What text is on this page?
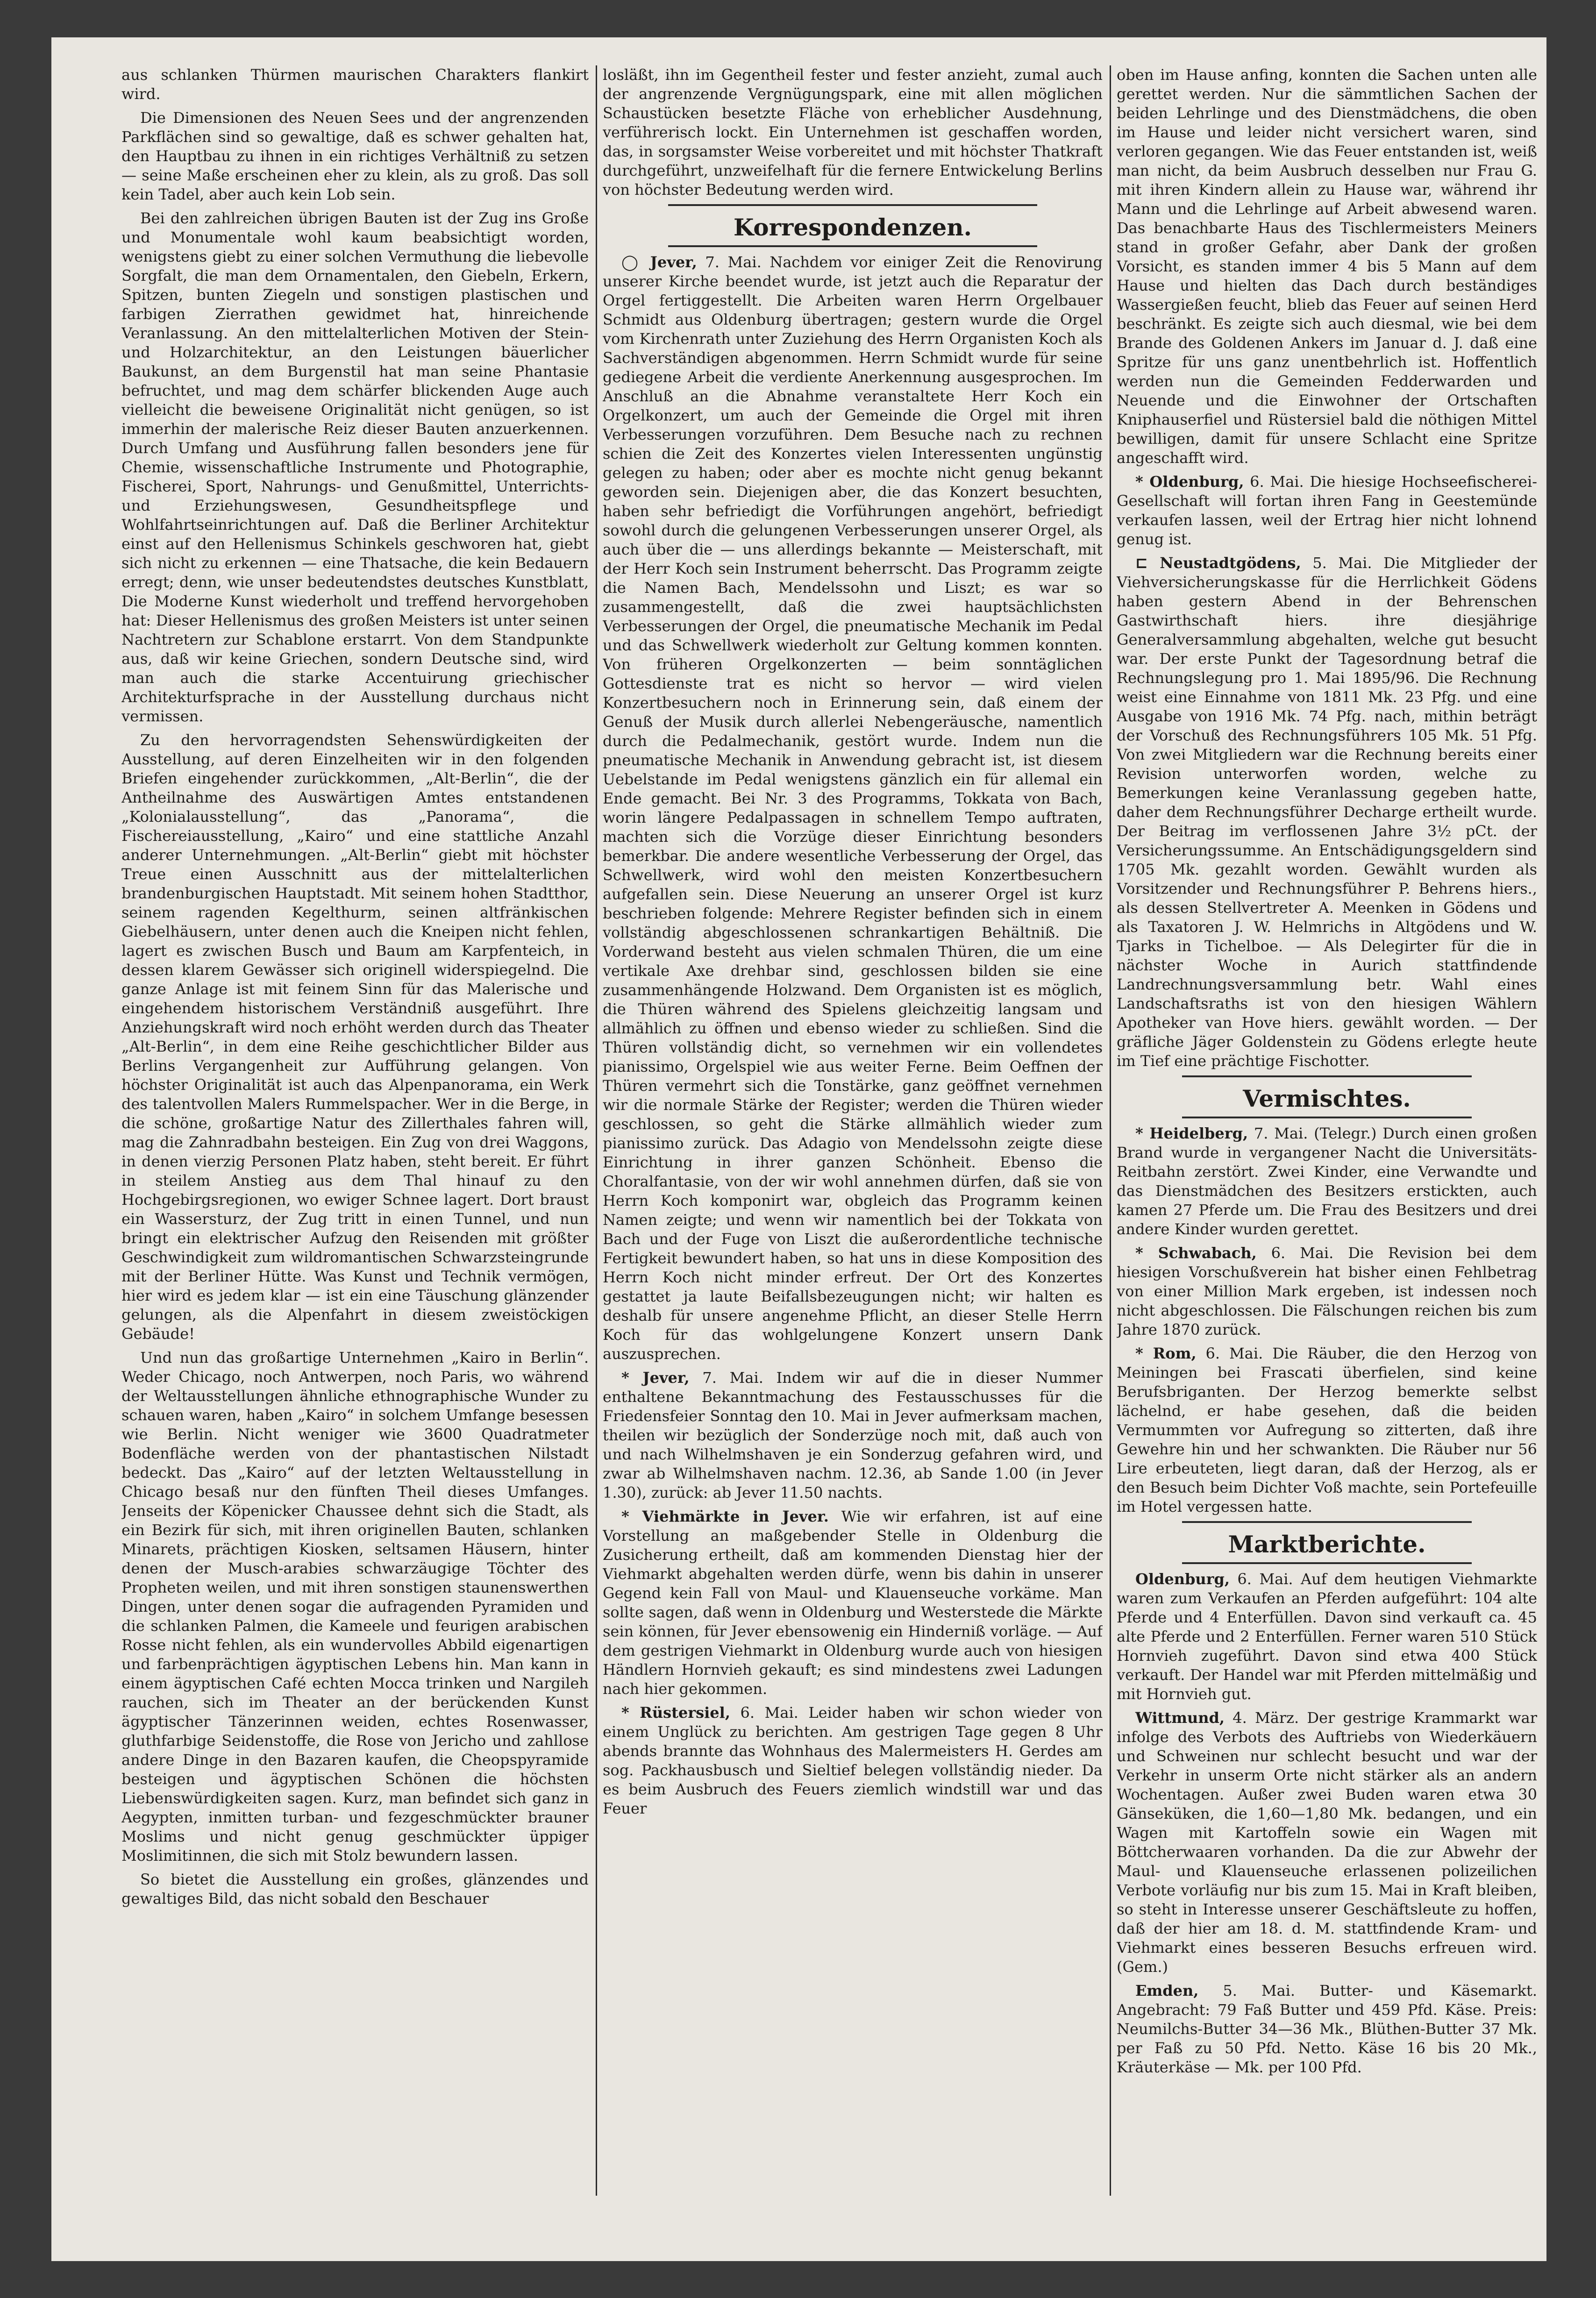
aus schlanken Thürmen maurischen Charakters flankirt wird.

Die Dimensionen des Neuen Sees und der angrenzenden Parkflächen sind so gewaltige, daß es schwer gehalten hat, den Hauptbau zu ihnen in ein richtiges Verhältniß zu setzen — seine Maße erscheinen eher zu klein, als zu groß. Das soll kein Tadel, aber auch kein Lob sein.

Bei den zahlreichen übrigen Bauten ist der Zug ins Große und Monumentale wohl kaum beabsichtigt worden, wenigstens giebt zu einer solchen Vermuthung die liebevolle Sorgfalt, die man dem Ornamentalen, den Giebeln, Erkern, Spitzen, bunten Ziegeln und sonstigen plastischen und farbigen Zierrathen gewidmet hat, hinreichende Veranlassung. An den mittelalterlichen Motiven der Stein- und Holzarchitektur, an den Leistungen bäuerlicher Baukunst, an dem Burgenstil hat man seine Phantasie befruchtet, und mag dem schärfer blickenden Auge auch vielleicht die beweisene Originalität nicht genügen, so ist immerhin der malerische Reiz dieser Bauten anzuerkennen. Durch Umfang und Ausführung fallen besonders jene für Chemie, wissenschaftliche Instrumente und Photographie, Fischerei, Sport, Nahrungs- und Genußmittel, Unterrichts- und Erziehungswesen, Gesundheitspflege und Wohlfahrtseinrichtungen auf. Daß die Berliner Architektur einst auf den Hellenismus Schinkels geschworen hat, giebt sich nicht zu erkennen — eine Thatsache, die kein Bedauern erregt; denn, wie unser bedeutendstes deutsches Kunstblatt, Die Moderne Kunst wiederholt und treffend hervorgehoben hat: Dieser Hellenismus des großen Meisters ist unter seinen Nachtretern zur Schablone erstarrt. Von dem Standpunkte aus, daß wir keine Griechen, sondern Deutsche sind, wird man auch die starke Accentuirung griechischer Architekturfsprache in der Ausstellung durchaus nicht vermissen.

Zu den hervorragendsten Sehenswürdigkeiten der Ausstellung, auf deren Einzelheiten wir in den folgenden Briefen eingehender zurückkommen, „Alt-Berlin“, die der Antheilnahme des Auswärtigen Amtes entstandenen „Kolonialausstellung“, das „Panorama“, die Fischereiausstellung, „Kairo“ und eine stattliche Anzahl anderer Unternehmungen. „Alt-Berlin“ giebt mit höchster Treue einen Ausschnitt aus der mittelalterlichen brandenburgischen Hauptstadt. Mit seinem hohen Stadtthor, seinem ragenden Kegelthurm, seinen altfränkischen Giebelhäusern, unter denen auch die Kneipen nicht fehlen, lagert es zwischen Busch und Baum am Karpfenteich, in dessen klarem Gewässer sich originell widerspiegelnd. Die ganze Anlage ist mit feinem Sinn für das Malerische und eingehendem historischem Verständniß ausgeführt. Ihre Anziehungskraft wird noch erhöht werden durch das Theater „Alt-Berlin“, in dem eine Reihe geschichtlicher Bilder aus Berlins Vergangenheit zur Aufführung gelangen. Von höchster Originalität ist auch das Alpenpanorama, ein Werk des talentvollen Malers Rummelspacher. Wer in die Berge, in die schöne, großartige Natur des Zillerthales fahren will, mag die Zahnradbahn besteigen. Ein Zug von drei Waggons, in denen vierzig Personen Platz haben, steht bereit. Er führt in steilem Anstieg aus dem Thal hinauf zu den Hochgebirgsregionen, wo ewiger Schnee lagert. Dort braust ein Wassersturz, der Zug tritt in einen Tunnel, und nun bringt ein elektrischer Aufzug den Reisenden mit größter Geschwindigkeit zum wildromantischen Schwarzsteingrunde mit der Berliner Hütte. Was Kunst und Technik vermögen, hier wird es jedem klar — ist ein eine Täuschung glänzender gelungen, als die Alpenfahrt in diesem zweistöckigen Gebäude!

Und nun das großartige Unternehmen „Kairo in Berlin“. Weder Chicago, noch Antwerpen, noch Paris, wo während der Weltausstellungen ähnliche ethnographische Wunder zu schauen waren, haben „Kairo“ in solchem Umfange besessen wie Berlin. Nicht weniger wie 3600 Quadratmeter Bodenfläche werden von der phantastischen Nilstadt bedeckt. Das „Kairo“ auf der letzten Weltausstellung in Chicago besaß nur den fünften Theil dieses Umfanges. Jenseits der Köpenicker Chaussee dehnt sich die Stadt, als ein Bezirk für sich, mit ihren originellen Bauten, schlanken Minarets, prächtigen Kiosken, seltsamen Häusern, hinter denen der Musch-arabies schwarzäugige Töchter des Propheten weilen, und mit ihren sonstigen staunenswerthen Dingen, unter denen sogar die aufragenden Pyramiden und die schlanken Palmen, die Kameele und feurigen arabischen Rosse nicht fehlen, als ein wundervolles Abbild eigenartigen und farbenprächtigen ägyptischen Lebens hin. Man kann in einem ägyptischen Café echten Mocca trinken und Nargileh rauchen, sich im Theater an der berückenden Kunst ägyptischer Tänzerinnen weiden, echtes Rosenwasser, gluthfarbige Seidenstoffe, die Rose von Jericho und zahllose andere Dinge in den Bazaren kaufen, die Cheopspyramide besteigen und ägyptischen Schönen die höchsten Liebenswürdigkeiten sagen. Kurz, man befindet sich ganz in Aegypten, inmitten turban- und fezgeschmückter brauner Moslims und nicht genug geschmückter üppiger Moslimitinnen, die sich mit Stolz bewundern lassen.

So bietet die Ausstellung ein großes, glänzendes und gewaltiges Bild, das nicht sobald den Beschauer

losläßt, ihn im Gegentheil fester und fester anzieht, zumal auch der angrenzende Vergnügungspark, eine mit allen möglichen Schaustücken besetzte Fläche von erheblicher Ausdehnung, verführerisch lockt. Ein Unternehmen ist geschaffen worden, das, in sorgsamster Weise vorbereitet und mit höchster Thatkraft durchgeführt, unzweifelhaft für die fernere Entwickelung Berlins von höchster Bedeutung werden wird.

Korrespondenzen.

◯ Jever, 7. Mai. Nachdem vor einiger Zeit die Renovirung unserer Kirche beendet wurde, ist jetzt auch die Reparatur der Orgel fertiggestellt. Die Arbeiten waren Herrn Orgelbauer Schmidt aus Oldenburg übertragen; gestern wurde die Orgel vom Kirchenrath unter Zuziehung des Herrn Organisten Koch als Sachverständigen abgenommen. Herrn Schmidt wurde für seine gediegene Arbeit die verdiente Anerkennung ausgesprochen. Im Anschluß an die Abnahme veranstaltete Herr Koch ein Orgelkonzert, um auch der Gemeinde die Orgel mit ihren Verbesserungen vorzuführen. Dem Besuche nach zu rechnen schien die Zeit des Konzertes vielen Interessenten ungünstig gelegen zu haben; oder aber es mochte nicht genug bekannt geworden sein. Diejenigen aber, die das Konzert besuchten, haben sehr befriedigt die Vorführungen angehört, befriedigt sowohl durch die gelungenen Verbesserungen unserer Orgel, als auch über die — uns allerdings bekannte — Meisterschaft, mit der Herr Koch sein Instrument beherrscht. Das Programm zeigte die Namen Bach, Mendelssohn und Liszt; es war so zusammengestellt, daß die zwei hauptsächlichsten Verbesserungen der Orgel, die pneumatische Mechanik im Pedal und das Schwellwerk wiederholt zur Geltung kommen konnten. Von früheren Orgelkonzerten — beim sonntäglichen Gottesdienste trat es nicht so hervor — wird vielen Konzertbesuchern noch in Erinnerung sein, daß einem der Genuß der Musik durch allerlei Nebengeräusche, namentlich durch die Pedalmechanik, gestört wurde. Indem nun die pneumatische Mechanik in Anwendung gebracht ist, ist diesem Uebelstande im Pedal wenigstens gänzlich ein für allemal ein Ende gemacht. Bei Nr. 3 des Programms, Tokkata von Bach, worin längere Pedalpassagen in schnellem Tempo auftraten, machten sich die Vorzüge dieser Einrichtung besonders bemerkbar. Die andere wesentliche Verbesserung der Orgel, das Schwellwerk, wird wohl den meisten Konzertbesuchern aufgefallen sein. Diese Neuerung an unserer Orgel ist kurz beschrieben folgende: Mehrere Register befinden sich in einem vollständig abgeschlossenen schrankartigen Behältniß. Die Vorderwand besteht aus vielen schmalen Thüren, die um eine vertikale Axe drehbar sind, geschlossen bilden sie eine zusammenhängende Holzwand. Dem Organisten ist es möglich, die Thüren während des Spielens gleichzeitig langsam und allmählich zu öffnen und ebenso wieder zu schließen. Sind die Thüren vollständig dicht, so vernehmen wir ein vollendetes pianissimo, Orgelspiel wie aus weiter Ferne. Beim Oeffnen der Thüren vermehrt sich die Tonstärke, ganz geöffnet vernehmen wir die normale Stärke der Register; werden die Thüren wieder geschlossen, so geht die Stärke allmählich wieder zum pianissimo zurück. Das Adagio von Mendelssohn zeigte diese Einrichtung in ihrer ganzen Schönheit. Ebenso die Choralfantasie, von der wir wohl annehmen dürfen, daß sie von Herrn Koch komponirt war, obgleich das Programm keinen Namen zeigte; und wenn wir namentlich bei der Tokkata von Bach und der Fuge von Liszt die außerordentliche technische Fertigkeit bewundert haben, so hat uns in diese Komposition des Herrn Koch nicht minder erfreut. Der Ort des Konzertes gestattet ja laute Beifallsbezeugungen nicht; wir halten es deshalb für unsere angenehme Pflicht, an dieser Stelle Herrn Koch für das wohlgelungene Konzert unsern Dank auszusprechen.

* Jever, 7. Mai. Indem wir auf die in dieser Nummer enthaltene Bekanntmachung des Festausschusses für die Friedensfeier Sonntag den 10. Mai in Jever aufmerksam machen, theilen wir bezüglich der Sonderzüge noch mit, daß auch von und nach Wilhelmshaven je ein Sonderzug gefahren wird, und zwar ab Wilhelmshaven nachm. 12.36, ab Sande 1.00 (in Jever 1.30), zurück: ab Jever 11.50 nachts.

* Viehmärkte in Jever. Wie wir erfahren, ist auf eine Vorstellung an maßgebender Stelle in Oldenburg die Zusicherung ertheilt, daß am kommenden Dienstag hier der Viehmarkt abgehalten werden dürfe, wenn bis dahin in unserer Gegend kein Fall von Maul- und Klauenseuche vorkäme. Man sollte sagen, daß wenn in Oldenburg und Westerstede die Märkte sein können, für Jever ebensowenig ein Hinderniß vorläge. — Auf dem gestrigen Viehmarkt in Oldenburg wurde auch von hiesigen Händlern Hornvieh gekauft; es sind mindestens zwei Ladungen nach hier gekommen.

* Rüstersiel, 6. Mai. Leider haben wir schon wieder von einem Unglück zu berichten. Am gestrigen Tage gegen 8 Uhr abends brannte das Wohnhaus des Malermeisters H. Gerdes am sog. Packhausbusch und Sieltief belegen vollständig nieder. Da es beim Ausbruch des Feuers ziemlich windstill war und das Feuer

oben im Hause anfing, konnten die Sachen unten alle gerettet werden. Nur die sämmtlichen Sachen der beiden Lehrlinge und des Dienstmädchens, die oben im Hause und leider nicht versichert waren, sind verloren gegangen. Wie das Feuer entstanden ist, weiß man nicht, da beim Ausbruch desselben nur Frau G. mit ihren Kindern allein zu Hause war, während ihr Mann und die Lehrlinge auf Arbeit abwesend waren. Das benachbarte Haus des Tischlermeisters Meiners stand in großer Gefahr, aber Dank der großen Vorsicht, es standen immer 4 bis 5 Mann auf dem Hause und hielten das Dach durch beständiges Wassergießen feucht, blieb das Feuer auf seinen Herd beschränkt. Es zeigte sich auch diesmal, wie bei dem Brande des Goldenen Ankers im Januar d. J. daß eine Spritze für uns ganz unentbehrlich ist. Hoffentlich werden nun die Gemeinden Fedderwarden und Neuende und die Einwohner der Ortschaften Kniphauserfiel und Rüstersiel bald die nöthigen Mittel bewilligen, damit für unsere Schlacht eine Spritze angeschafft wird.

* Oldenburg, 6. Mai. Die hiesige Hochseefischerei-Gesellschaft will fortan ihren Fang in Geestemünde verkaufen lassen, weil der Ertrag hier nicht lohnend genug ist.

⊏ Neustadtgödens, 5. Mai. Die Mitglieder der Viehversicherungskasse für die Herrlichkeit Gödens haben gestern Abend in der Behrenschen Gastwirthschaft hiers. ihre diesjährige Generalversammlung abgehalten, welche gut besucht war. Der erste Punkt der Tagesordnung betraf die Rechnungslegung pro 1. Mai 1895/96. Die Rechnung weist eine Einnahme von 1811 Mk. 23 Pfg. und eine Ausgabe von 1916 Mk. 74 Pfg. nach, mithin beträgt der Vorschuß des Rechnungsführers 105 Mk. 51 Pfg. Von zwei Mitgliedern war die Rechnung bereits einer Revision unterworfen worden, welche zu Bemerkungen keine Veranlassung gegeben hatte, daher dem Rechnungsführer Decharge ertheilt wurde. Der Beitrag im verflossenen Jahre 3½ pCt. der Versicherungssumme. An Entschädigungsgeldern sind 1705 Mk. gezahlt worden. Gewählt wurden als Vorsitzender und Rechnungsführer P. Behrens hiers., als dessen Stellvertreter A. Meenken in Gödens und als Taxatoren J. W. Helmrichs in Altgödens und W. Tjarks in Tichelboe. — Als Delegirter für die in nächster Woche in Aurich stattfindende Landrechnungsversammlung betr. Wahl eines Landschaftsraths ist von den hiesigen Wählern Apotheker van Hove hiers. gewählt worden. — Der gräfliche Jäger Goldenstein zu Gödens erlegte heute im Tief eine prächtige Fischotter.

Vermischtes.

* Heidelberg, 7. Mai. (Telegr.) Durch einen großen Brand wurde in vergangener Nacht die Universitäts-Reitbahn zerstört. Zwei Kinder, eine Verwandte und das Dienstmädchen des Besitzers erstickten, auch kamen 27 Pferde um. Die Frau des Besitzers und drei andere Kinder wurden gerettet.

* Schwabach, 6. Mai. Die Revision bei dem hiesigen Vorschußverein hat bisher einen Fehlbetrag von einer Million Mark ergeben, ist indessen noch nicht abgeschlossen. Die Fälschungen reichen bis zum Jahre 1870 zurück.

* Rom, 6. Mai. Die Räuber, die den Herzog von Meiningen bei Frascati überfielen, sind keine Berufsbriganten. Der Herzog bemerkte selbst lächelnd, er habe gesehen, daß die beiden Vermummten vor Aufregung so zitterten, daß ihre Gewehre hin und her schwankten. Die Räuber nur 56 Lire erbeuteten, liegt daran, daß der Herzog, als er den Besuch beim Dichter Voß machte, sein Portefeuille im Hotel vergessen hatte.

Marktberichte.

Oldenburg, 6. Mai. Auf dem heutigen Viehmarkte waren zum Verkaufen an Pferden aufgeführt: 104 alte Pferde und 4 Enterfüllen. Davon sind verkauft ca. 45 alte Pferde und 2 Enterfüllen. Ferner waren 510 Stück Hornvieh zugeführt. Davon sind etwa 400 Stück verkauft. Der Handel war mit Pferden mittelmäßig und mit Hornvieh gut.

Wittmund, 4. März. Der gestrige Krammarkt war infolge des Verbots des Auftriebs von Wiederkäuern und Schweinen nur schlecht besucht und war der Verkehr in unserm Orte nicht stärker als an andern Wochentagen. Außer zwei Buden waren etwa 30 Gänseküken, die 1,60—1,80 Mk. bedangen, und ein Wagen mit Kartoffeln sowie ein Wagen mit Böttcherwaaren vorhanden. Da die zur Abwehr der Maul- und Klauenseuche erlassenen polizeilichen Verbote vorläufig nur bis zum 15. Mai in Kraft bleiben, so steht in Interesse unserer Geschäftsleute zu hoffen, daß der hier am 18. d. M. stattfindende Kram- und Viehmarkt eines besseren Besuchs erfreuen wird. (Gem.)

Emden, 5. Mai. Butter- und Käsemarkt. Angebracht: 79 Faß Butter und 459 Pfd. Käse. Preis: Neumilchs-Butter 34—36 Mk., Blüthen-Butter 37 Mk. per Faß zu 50 Pfd. Netto. Käse 16 bis 20 Mk., Kräuterkäse — Mk. per 100 Pfd.
